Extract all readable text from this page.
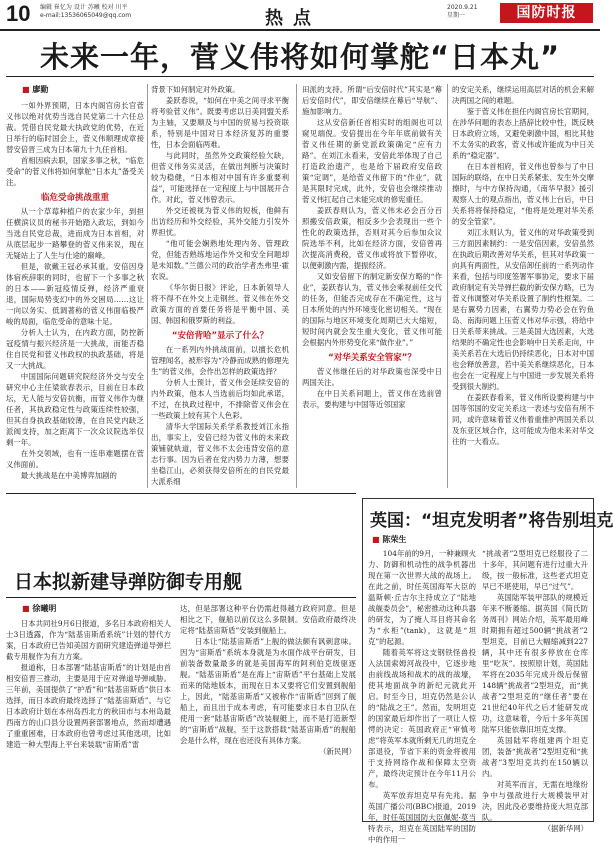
10 编辑 崔忆为 设计 苏曦 校对 川平
e-mail:13536065049@qq.com	热点
2020.9.21
星期一	国防时报
未来一年，菅义伟将如何掌舵“日本丸”
■ 廖勤

一如外界预期，日本内阁官房长官菅义伟以绝对优势当选自民党第二十六任总裁。凭借自民党最大执政党的优势，在近日举行的临时国会上，菅义伟顺理成章接替安倍晋三成为日本第九十九任首相。

首相因病去职，国家多事之秋，“临危受命”的菅义伟将如何掌舵“日本丸”备受关注。

临危受命挑战重重

从一个草莓种植户的农家少年，到担任横滨议员的秘书开始踏入政坛，到如今当选自民党总裁，进而成为日本首相，对从底层起步一路攀登的菅义伟来说，现在无疑站上了人生与仕途的巅峰。

但是，欲戴王冠必承其重。安倍因身体宿疾辞职的同时，也留下一个多事之秋的日本——新冠疫情反弹，经济严重衰退，国际局势变幻中的外交困局……这让一向以务实、低调著称的菅义伟面临极严峻的局面，临危受命的意味十足。

分析人士认为，在内政方面，防控新冠疫情与振兴经济是一大挑战，而能否稳住自民党和菅义伟政权的执政基础，将是又一大挑战。

中国国际问题研究院经济外交与安全研究中心主任梁欲春表示，目前在日本政坛，无人能与安倍抗衡，而菅义伟作为继任者，其执政稳定性与政策连续性较强，但其自身执政基础较薄，在自民党内缺乏派阀支持，加之距离下一次众议院选举仅剩一年。

在外交领域，也有一连串难题摆在菅义伟面前。

最大挑战是在中美博弈加剧的

背景下如何制定对外政策。

姜跃春说，“如何在中美之间寻求平衡将考验菅义伟”。既要考虑以日美同盟关系为主轴，又要顺及与中国的贸易与投资联系，特别是中国对日本经济复苏的重要性，日本会面临两难。

与此同时，虽然外交政策经验欠缺，但菅义伟务实灵活，在做出判断与决策时较为稳健，“日本相对中国有许多重要利益”，可能选择在一定程度上与中国展开合作。对此，菅义伟曾表示。

外交还被视为菅义伟的短板，他鲜有出访经历和外交经验，其外交能力引发外界担忧。

“他可能会娴熟地处理内务、管理政党，但能否熟练地运作外交和安全问题却是未知数。”兰德公司的政治学者杰弗里·霍农说。

《华尔街日报》评论，日本新领导人将不得不在外交上走钢丝。菅义伟在外交政策方面的首要任务将是平衡中国、美国、韩国和俄罗斯的利益。

“安倍背哈”显示了什么？

在一系列内外挑战面前，以擅长危机管理闻名，被形容为“冷静而成熟的修理先生”的菅义伟，会作出怎样的政策选择？

分析人士预计，菅义伟会延续安倍的内外政策，他本人当选前后均如此承诺，不过，在执政过程中，不排除菅义伟会在一些政策上较有其个人色彩。

清华大学国际关系学系教授刘江永指出，事实上，安倍已经为菅义伟的未来政策铺就轨道，菅义伟不太会违背安倍的意志行事。因为后者在党内势力力薄，想要坐稳江山，必须获得安倍所在的自民党最大派系细

田派的支持。所谓“后安倍时代”其实是“幕后安倍时代”，即安倍继续在幕后“导航”、施加影响力。

这从安倍新任首相实时的组阁也可以窥见端倪。安倍提出在今年年底前做有关菅义伟任期的新党派政策确定“应有力路”。在刘江永看来，安倍此举体现了自己打造政治遗产，也是给下届政府安倍政策“定调”，是给菅义伟留下的“作业”，就是其限时完成，此外，安倍也会继续推动菅义伟扛起自己未能完成的修宪重任。

姜跃春则认为，菅义伟未必会百分百照搬安倍政策，相反多少会表现出一些个性化的政策选择，否则对其今后参加众议院选举不利，比如在经济方面，安倍曾再次提高消费税，菅义伟或将放下暂停收，以便刺激内需，提振经济。

又如安倍留下的制定新安保方略的“作业”，姜跃春认为，菅义伟会乘视前任交代的任务，但能否完成存在不确定性，这与日本所处的内外环境变化密切相关。“现在的国际与地区环境变化周期已大大缩短，短时间内就会发生重大变化，菅义伟可能会根据内外形势变化来“做作业”。”

“对华关系安全管家”？

菅义伟继任后的对华政策也深受中日两国关注。

在中日关系问题上，菅义伟在选前曾表示，要构建与中国等近邻国家

的安定关系，继续运用高层对话的机会来解决两国之间的难题。

鉴于菅义伟在担任内阁官房长官期间，在涉华问题的表态上措辞比较中性，既反映日本政府立场，又避免刺激中国，相比其他不太务实的政客，菅义伟或许能成为中日关系的“稳定器”。

在日本首相府，菅义伟也曾参与了中日国际的联络，在中日关系紧张、发生外交摩擦时，与中方保持沟通，《南华早报》援引观察人士的观点指出，菅义伟上台后，中日关系将将保持稳定，“他将是处理对华关系的安全管家”。

刘江永则认为，菅义伟的对华政策受到三方面因素制约：一是安倍因素，安倍虽然在执政后期改善对华关系，但其对华政策一向具有两面性，从安倍卸任前的一系列动作来看，包括与印度签署军事协定，要求下届政府制定有关导弹拦截的新安保方略，已为菅义伟调整对华关系设置了制约性框架。二是右翼势力因素，右翼势力势必会在钓鱼岛、南海问题上压菅义伟对华示强，将给中日关系带来挑战。三是美国大选因素，大选结果的不确定性也会影响中日关系走向，中美关系若在大选后仍持续恶化，日本对中国也会释放善意，若中美关系继续恶化，日本也会在一定程度上与中国进一步发展关系将受到很大制约。

在姜跃春看来，菅义伟所设要构建与中国等邻国的安定关系这一表述与安倍有所不同，或许意味着菅义伟着重推护两国关系以及东亚区域合作，这可能成为他未来对华交往的一大看点。

日本拟新建导弹防御专用舰
■ 徐曦明

日本共同社9月6日报道，多名日本政府相关人士3日透露，作为“陆基宙斯盾系统”计划的替代方案，日本政府已告知美国方面研究建造弹道导弹拦截专用舰作为有力方案。

报道称，日本部署“陆基宙斯盾”的计划是由首相安倍晋三推动，主要是用于应对弹道导弹威胁。三年前，美国提供了“护盾”和“陆基宙斯盾”供日本选择，而日本政府最终选择了“陆基宙斯盾”。与它日本政府计划在本州岛西北方的秋田市与本州岛最西南方的山口县分设置两套部署地点，然而却遭遇了重重困难，日本政府也曾考虑过其他选项，比如建造一种大型海上平台来装载“宙斯盾”雷

达，但是部署这种平台仍需赶得越方政府同意。但是相比之下，舰船以前仅这么多限制。安倍政府最终决定将“陆基宙斯盾”安装到舰船上。

日本让“陆基宙斯盾”上舰的做法颇有讽刺意味。因为“宙斯盾”系统本身就是为水面作战平台研发，目前装备数量最多的就是美国海军的阿利伯克级驱逐舰。“陆基宙斯盾”是在海上“宙斯盾”平台基础上发展而来的陆地版本，而现在日本又要将它们安置到舰船上，因此，“陆基宙斯盾”又被称作“宙斯盾”回到了舰船上，而且出于成本考虑，有可能要求日本自卫队在使用一套“陆基宙斯盾”改装舰艇上，而不是打造新型的“宙斯盾”战舰，至于这款搭载“陆基宙斯盾”的舰船会是什么样，现在也还没有具体方案。

（新民网）
英国：“坦克发明者”将告别坦克
■ 陈荣生

104年前的9月，一种兼顾火力、防御和机动性的战争机器出现在第一次世界大战的战场上。在此之前，时任英国海军大臣的温斯顿·丘吉尔主持成立了“陆地战舰委员会”，秘密推动这种兵器的研发，为了掩人耳目将其命名为“水柜”(tank)，这就是“坦克”的起源。

随着英军将这支钢铁怪兽投入法国索姆河战役中，它逐步地由前线战场和战术的战的战壕，使其地面战争的新纪元就此开启。时至今日，坦克仍然是公认的“陆战之王”。然而，发明坦克的国家最后却作出了一项让人惊愕的决定：英国政府正“审慎考虑”将英军本就所剩无几的坦克全部退役，节省下来的资金将被用于支持网络作战和保障太空资产，最终决定预计在今年11月公布。

英军放弃坦克早有先兆。据英国广播公司(BBC)报道，2019年，时任英国国防大臣佩妮·莫当特表示，坦克在英国陆军的国防中的作用一

“挑战者”2型坦克已经服役了二十多年，其问题有进行过重大升级，按一般标准，这些老式坦克早已不堪使用，早已“过气”。

英国陆军装甲部队的规模近年来不断萎缩。据英国《简氏防务周刊》网站介绍，英军最用峰时期拥有超过500辆“挑战者”2型坦克，目前已大幅缩减到227辆，其中还有很多停放在仓库里“吃灰”。按照原计划，英国陆军将在2035年完成升级后保留148辆“挑战者”2型坦克，而“挑战者”2型坦克的“继任者”要在21世纪40年代之后才能研发成功，这意味着，今后十多年英国陆军只能依靠旧坦克支撑。

英国陆军将组建两个坦克团，装备“挑战者”2型坦克和“挑战者”3型坦克共约在150辆以内。

对英军而言，无需在地缘纷争中与强敌进行大规模装甲对决，因此没必要维持庞大坦克部队。

（据新华网）
